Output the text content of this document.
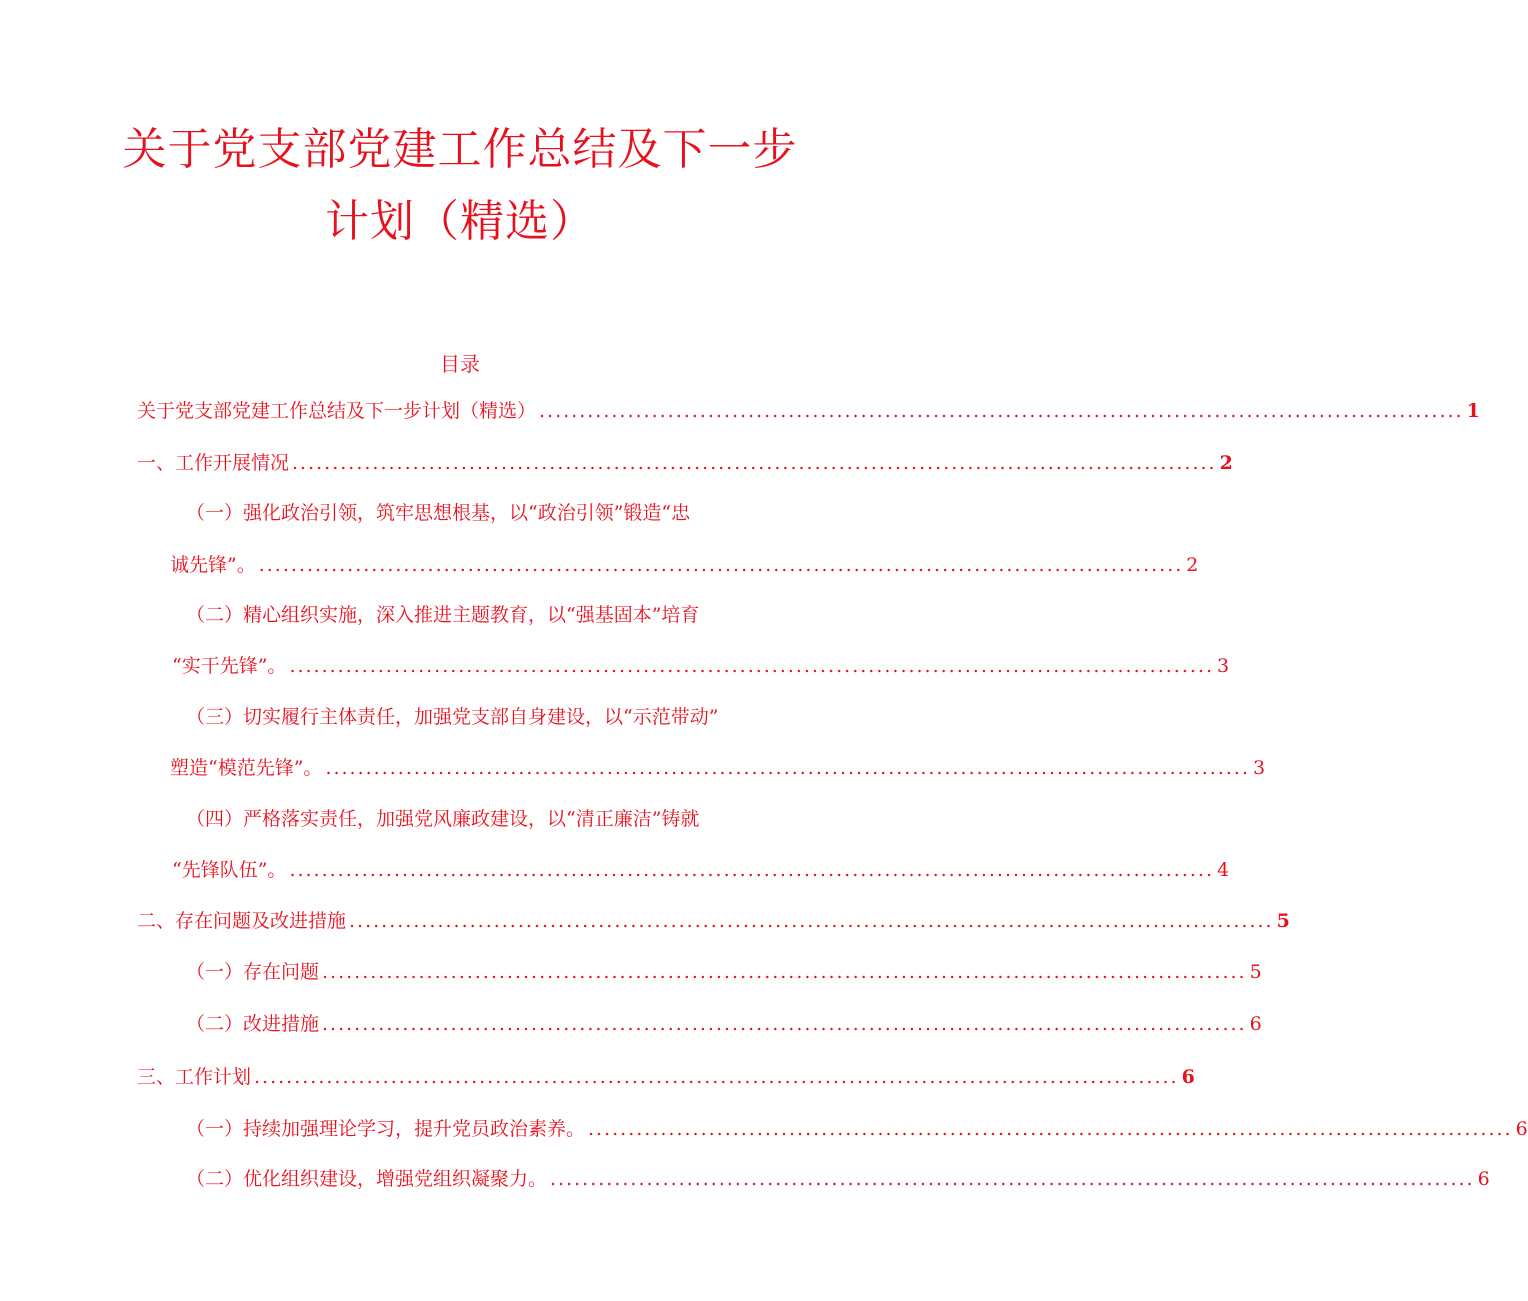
关于党支部党建工作总结及下一步
计划（精选）
目录
关于党支部党建工作总结及下一步计划（精选） ................................................................................................................... 1
一、工作开展情况 ................................................................................................................... 2
（一）强化政治引领，筑牢思想根基，以“政治引领”锻造“忠
诚先锋”。 ................................................................................................................... 2
（二）精心组织实施，深入推进主题教育，以“强基固本”培育
“实干先锋”。 ................................................................................................................... 3
（三）切实履行主体责任，加强党支部自身建设，以“示范带动”
塑造“模范先锋”。 ................................................................................................................... 3
（四）严格落实责任，加强党风廉政建设，以“清正廉洁”铸就
“先锋队伍”。 ................................................................................................................... 4
二、存在问题及改进措施 ................................................................................................................... 5
（一）存在问题 ................................................................................................................... 5
（二）改进措施 ................................................................................................................... 6
三、工作计划 ................................................................................................................... 6
（一）持续加强理论学习，提升党员政治素养。 ................................................................................................................... 6
（二）优化组织建设，增强党组织凝聚力。 ................................................................................................................... 6
